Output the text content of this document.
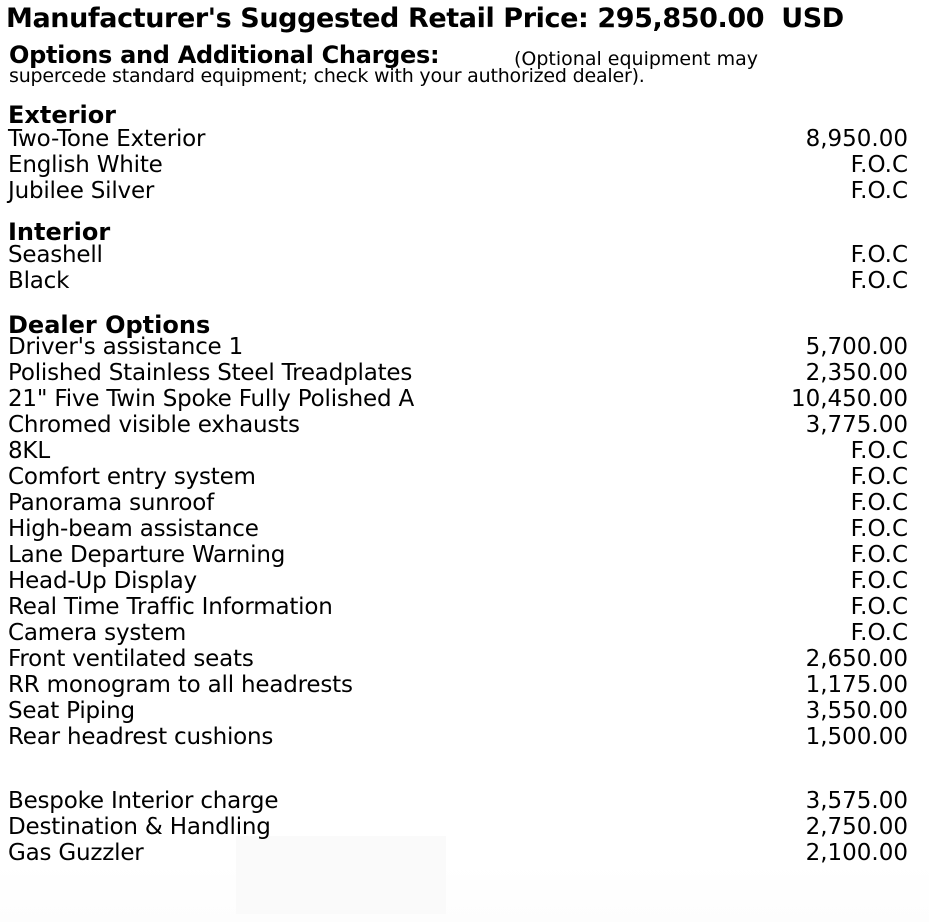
Manufacturer's Suggested Retail Price: 295,850.00 USD
Options and Additional Charges:	(Optional equipment may
supercede standard equipment; check with your authorized dealer).
Exterior
Two-Tone Exterior	8,950.00
English White	F.O.C
Jubilee Silver	F.O.C
Interior
Seashell	F.O.C
Black	F.O.C
Dealer Options
Driver's assistance 1	5,700.00
Polished Stainless Steel Treadplates	2,350.00
21" Five Twin Spoke Fully Polished A	10,450.00
Chromed visible exhausts	3,775.00
8KL	F.O.C
Comfort entry system	F.O.C
Panorama sunroof	F.O.C
High-beam assistance	F.O.C
Lane Departure Warning	F.O.C
Head-Up Display	F.O.C
Real Time Traffic Information	F.O.C
Camera system	F.O.C
Front ventilated seats	2,650.00
RR monogram to all headrests	1,175.00
Seat Piping	3,550.00
Rear headrest cushions	1,500.00
Bespoke Interior charge	3,575.00
Destination & Handling	2,750.00
Gas Guzzler	2,100.00
